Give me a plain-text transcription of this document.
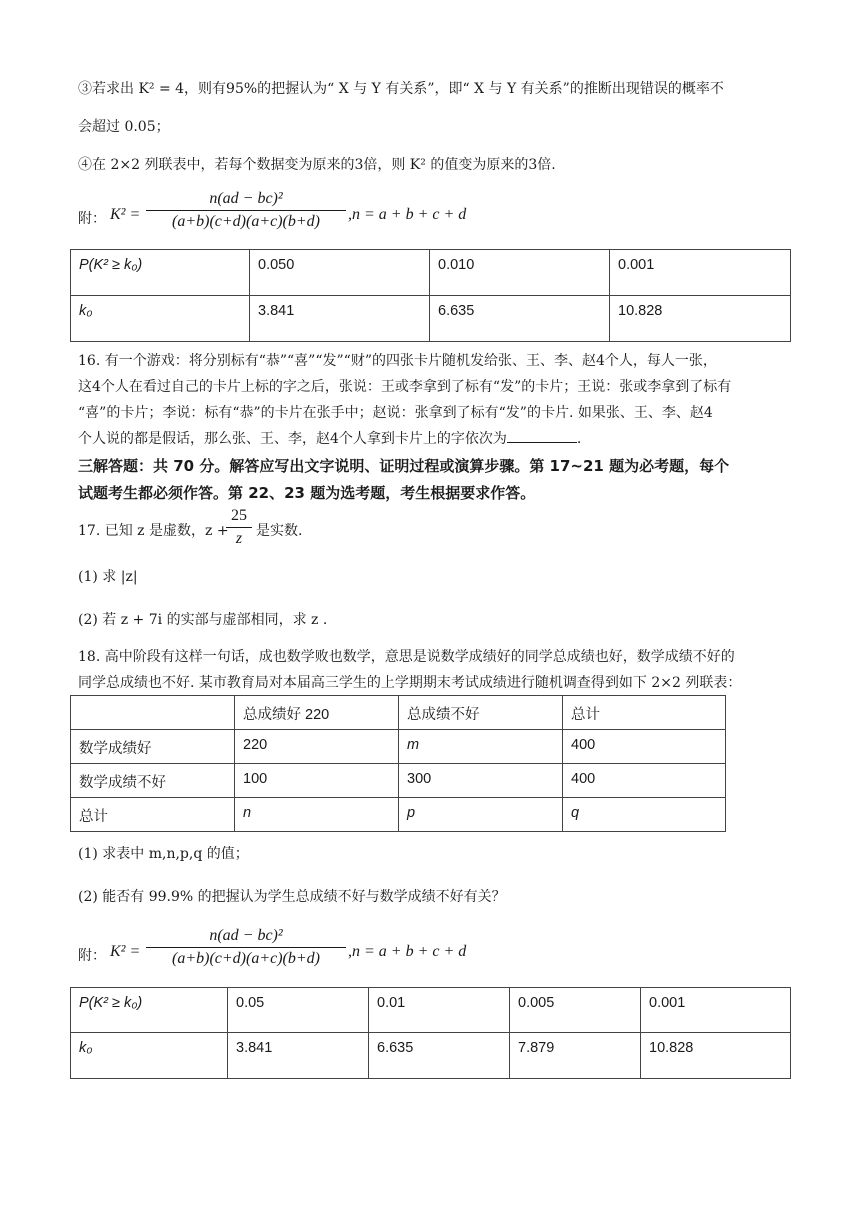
③若求出 K² = 4，则有95%的把握认为“ X 与 Y 有关系”，即“ X 与 Y 有关系”的推断出现错误的概率不
会超过 0.05；
④在 2×2 列联表中，若每个数据变为原来的3倍，则 K² 的值变为原来的3倍.
附： K² =
n(ad − bc)²
(a+b)(c+d)(a+c)(b+d)	,n = a + b + c + d
P(K² ≥ k₀)	0.050	0.010	0.001
k₀	3.841	6.635	10.828
16. 有一个游戏：将分别标有“恭”“喜”“发”“财”的四张卡片随机发给张、王、李、赵4个人，每人一张，
这4个人在看过自己的卡片上标的字之后，张说：王或李拿到了标有“发”的卡片；王说：张或李拿到了标有
“喜”的卡片；李说：标有“恭”的卡片在张手中；赵说：张拿到了标有“发”的卡片. 如果张、王、李、赵4
个人说的都是假话，那么张、王、李，赵4个人拿到卡片上的字依次为	.
三解答题：共 70 分。解答应写出文字说明、证明过程或演算步骤。第 17~21 题为必考题，每个
试题考生都必须作答。第 22、23 题为选考题，考生根据要求作答。
17. 已知 z 是虚数，z +
25
z 是实数.
(1) 求 |z|
(2) 若 z + 7i 的实部与虚部相同，求 z .
18. 高中阶段有这样一句话，成也数学败也数学，意思是说数学成绩好的同学总成绩也好，数学成绩不好的
同学总成绩也不好. 某市教育局对本届高三学生的上学期期末考试成绩进行随机调查得到如下 2×2 列联表：
	总成绩好 220	总成绩不好	总计
数学成绩好	220	m	400
数学成绩不好	100	300	400
总计	n	p	q
(1) 求表中 m,n,p,q 的值；
(2) 能否有 99.9% 的把握认为学生总成绩不好与数学成绩不好有关？
附： K² =
n(ad − bc)²
(a+b)(c+d)(a+c)(b+d)	,n = a + b + c + d
P(K² ≥ k₀)	0.05	0.01	0.005	0.001
k₀	3.841	6.635	7.879	10.828
